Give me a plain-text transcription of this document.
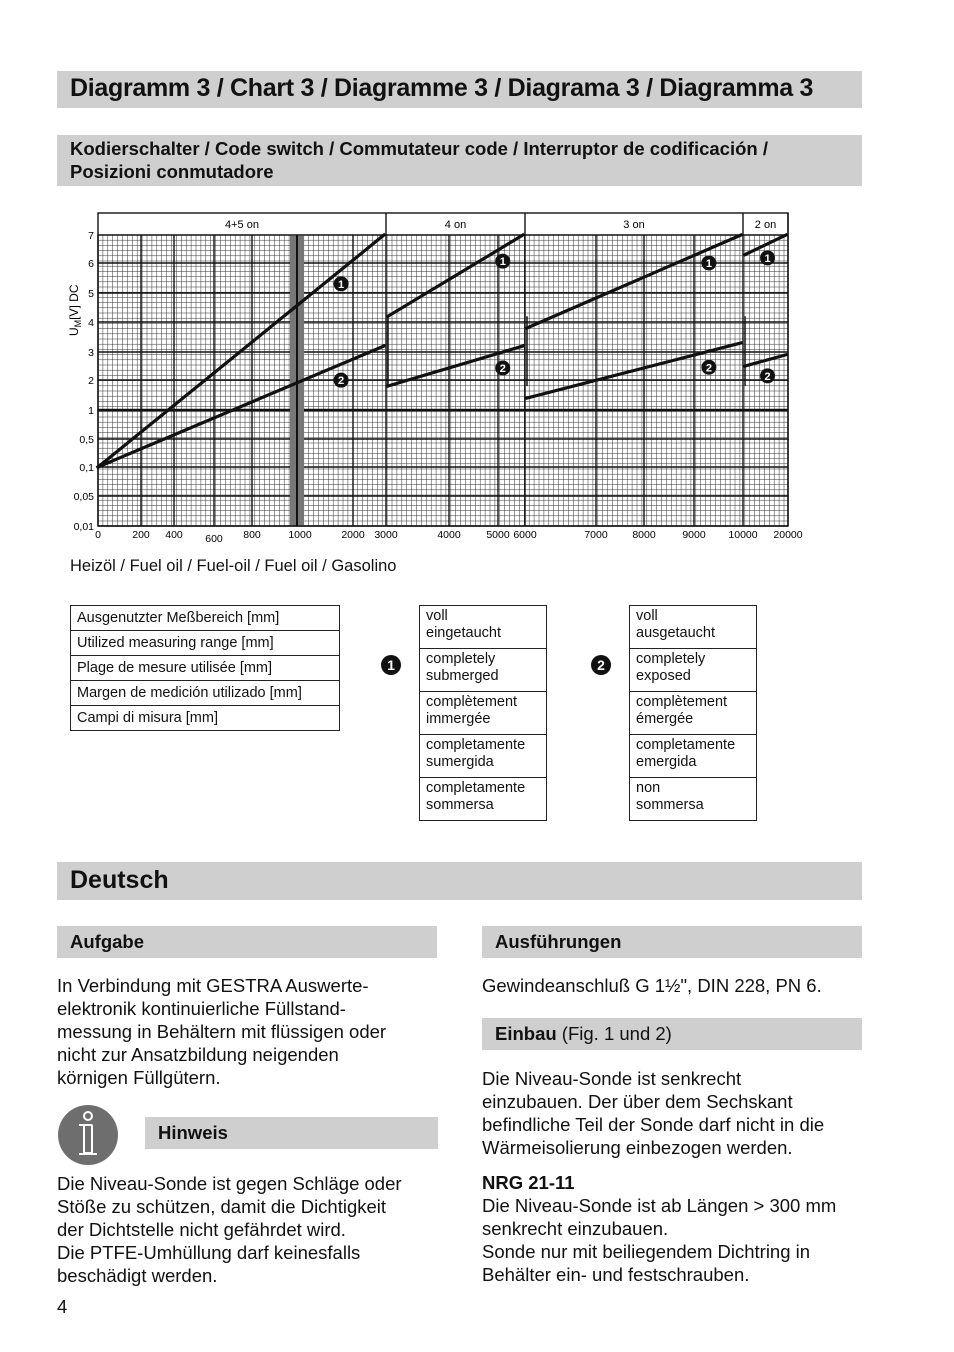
Diagramm 3 / Chart 3 / Diagramme 3 / Diagrama 3 / Diagramma 3
Kodierschalter / Code switch / Commutateur code / Interruptor de codificación / Posizioni conmutadore
4+5 on	4 on	3 on	2 on
1
1	1	1
2
2	2
2
7
6
5
4
3
2
1
0,5
0,1
0,05
0,01
0	200 400 600 800	1000	2000 3000	4000 5000 6000	7000 8000	9000 10000 20000
$U_M[V]$ DC
Heizöl / Fuel oil / Fuel-oil / Fuel oil / Gasolino
Ausgenutzter Meßbereich [mm]
Utilized measuring range [mm]
Plage de mesure utilisée [mm]
Margen de medición utilizado [mm]
Campi di misura [mm]
1
voll
eingetaucht
completely
submerged
complètement
immergée
completamente
sumergida
completamente
sommersa
2
voll
ausgetaucht
completely
exposed
complètement
émergée
completamente
emergida
non
sommersa
Deutsch
Aufgabe
In Verbindung mit GESTRA Auswerte-
elektronik kontinuierliche Füllstand-
messung in Behältern mit flüssigen oder
nicht zur Ansatzbildung neigenden
körnigen Füllgütern.
Hinweis
Die Niveau-Sonde ist gegen Schläge oder
Stöße zu schützen, damit die Dichtigkeit
der Dichtstelle nicht gefährdet wird.
Die PTFE-Umhüllung darf keinesfalls
beschädigt werden.
Ausführungen
Gewindeanschluß G 1½", DIN 228, PN 6.
Einbau (Fig. 1 und 2)
Die Niveau-Sonde ist senkrecht
einzubauen. Der über dem Sechskant
befindliche Teil der Sonde darf nicht in die
Wärmeisolierung einbezogen werden.
NRG 21-11
Die Niveau-Sonde ist ab Längen > 300 mm
senkrecht einzubauen.
Sonde nur mit beiliegendem Dichtring in
Behälter ein- und festschrauben.
4
